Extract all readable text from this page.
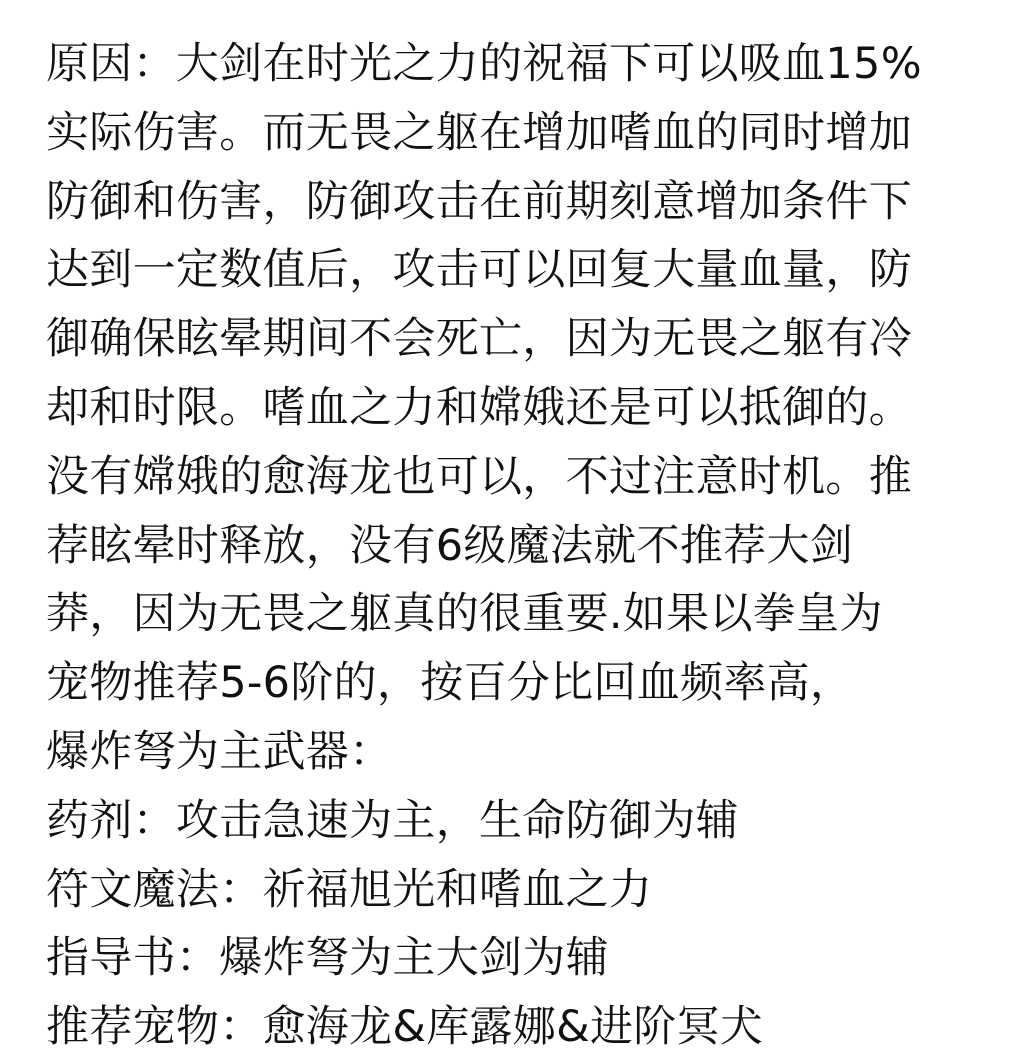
原因：大剑在时光之力的祝福下可以吸血15%
实际伤害。而无畏之躯在增加嗜血的同时增加
防御和伤害，防御攻击在前期刻意增加条件下
达到一定数值后，攻击可以回复大量血量，防
御确保眩晕期间不会死亡，因为无畏之躯有冷
却和时限。嗜血之力和嫦娥还是可以抵御的。
没有嫦娥的愈海龙也可以，不过注意时机。推
荐眩晕时释放，没有6级魔法就不推荐大剑
莽，因为无畏之躯真的很重要.如果以拳皇为
宠物推荐5-6阶的，按百分比回血频率高，
爆炸弩为主武器：
药剂：攻击急速为主，生命防御为辅
符文魔法：祈福旭光和嗜血之力
指导书：爆炸弩为主大剑为辅
推荐宠物：愈海龙&库露娜&进阶冥犬
